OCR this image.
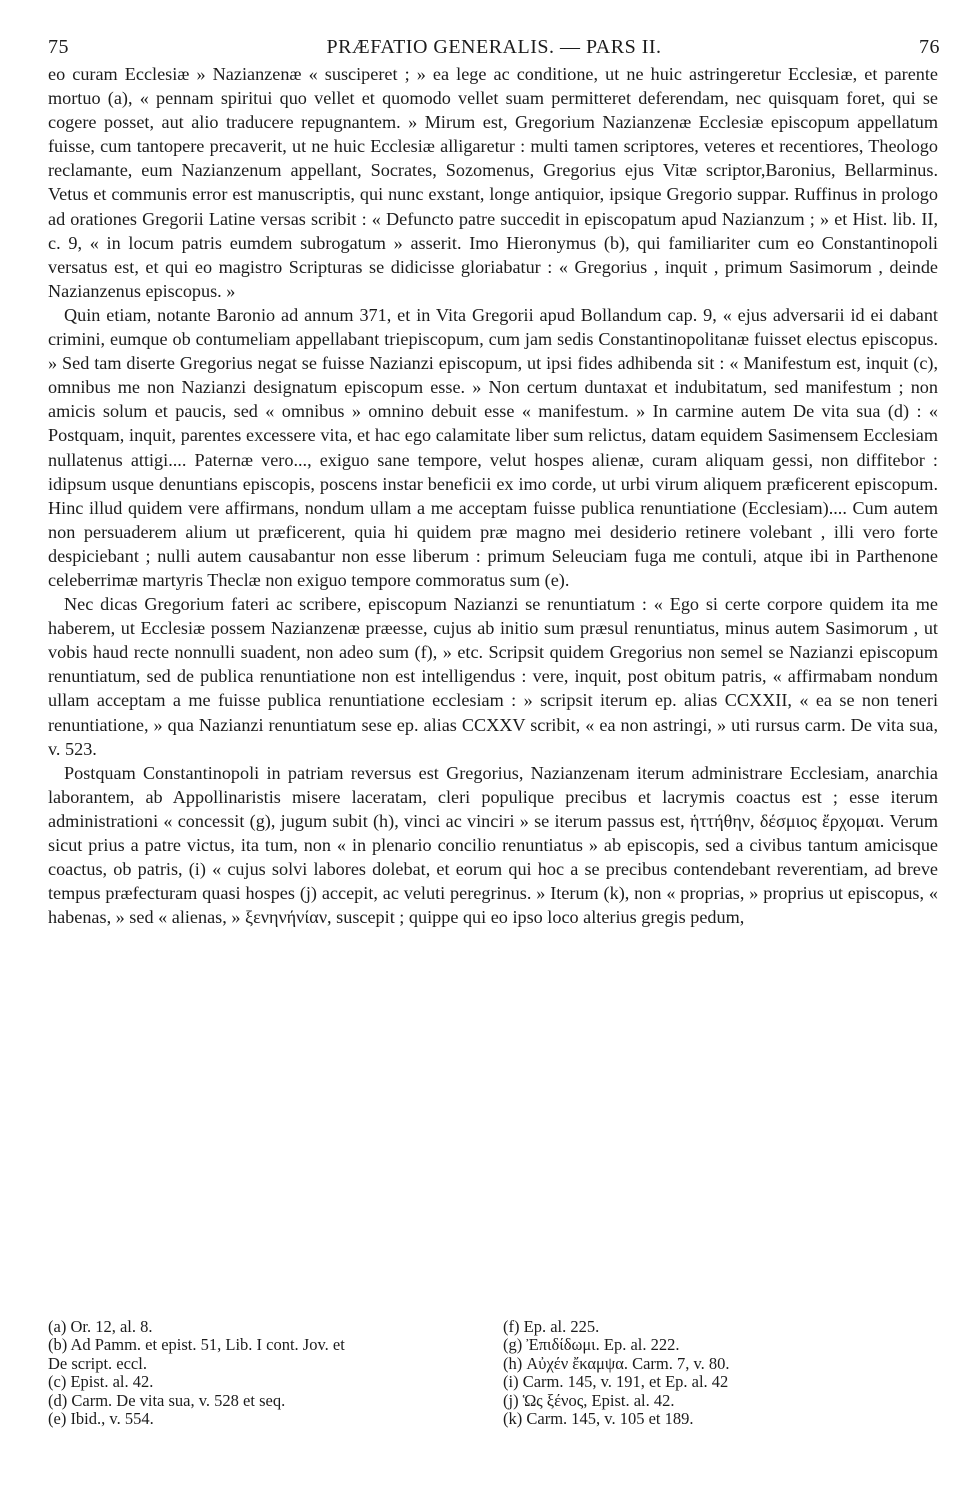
75	PRÆFATIO GENERALIS. — PARS II.	76

eo curam Ecclesiæ » Nazianzenæ « susciperet ; » ea lege ac conditione, ut ne huic astringeretur Ecclesiæ, et parente mortuo (a), « pennam spiritui quo vellet et quomodo vellet suam permitteret deferendam, nec quisquam foret, qui se cogere posset, aut alio traducere repugnantem. » Mirum est, Gregorium Nazianzenæ Ecclesiæ episcopum appellatum fuisse, cum tantopere precaverit, ut ne huic Ecclesiæ alligaretur : multi tamen scriptores, veteres et recentiores, Theologo reclamante, eum Nazianzenum appellant, Socrates, Sozomenus, Gregorius ejus Vitæ scriptor,Baronius, Bellarminus. Vetus et communis error est manuscriptis, qui nunc exstant, longe antiquior, ipsique Gregorio suppar. Ruffinus in prologo ad orationes Gregorii Latine versas scribit : « Defuncto patre succedit in episcopatum apud Nazianzum ; » et Hist. lib. II, c. 9, « in locum patris eumdem subrogatum » asserit. Imo Hieronymus (b), qui familiariter cum eo Constantinopoli versatus est, et qui eo magistro Scripturas se didicisse gloriabatur : « Gregorius , inquit , primum Sasimorum , deinde Nazianzenus episcopus. »

Quin etiam, notante Baronio ad annum 371, et in Vita Gregorii apud Bollandum cap. 9, « ejus adversarii id ei dabant crimini, eumque ob contumeliam appellabant triepiscopum, cum jam sedis Constantinopolitanæ fuisset electus episcopus. » Sed tam diserte Gregorius negat se fuisse Nazianzi episcopum, ut ipsi fides adhibenda sit : « Manifestum est, inquit (c), omnibus me non Nazianzi designatum episcopum esse. » Non certum duntaxat et indubitatum, sed manifestum ; non amicis solum et paucis, sed « omnibus » omnino debuit esse « manifestum. » In carmine autem De vita sua (d) : « Postquam, inquit, parentes excessere vita, et hac ego calamitate liber sum relictus, datam equidem Sasimensem Ecclesiam nullatenus attigi.... Paternæ vero..., exiguo sane tempore, velut hospes alienæ, curam aliquam gessi, non diffitebor : idipsum usque denuntians episcopis, poscens instar beneficii ex imo corde, ut urbi virum aliquem præficerent episcopum. Hinc illud quidem vere affirmans, nondum ullam a me acceptam fuisse publica renuntiatione (Ecclesiam).... Cum autem non persuaderem alium ut præficerent, quia hi quidem præ magno mei desiderio retinere volebant , illi vero forte despiciebant ; nulli autem causabantur non esse liberum : primum Seleuciam fuga me contuli, atque ibi in Parthenone celeberrimæ martyris Theclæ non exiguo tempore commoratus sum (e).

Nec dicas Gregorium fateri ac scribere, episcopum Nazianzi se renuntiatum : « Ego si certe corpore quidem ita me haberem, ut Ecclesiæ possem Nazianzenæ præesse, cujus ab initio sum præsul renuntiatus, minus autem Sasimorum , ut vobis haud recte nonnulli suadent, non adeo sum (f), » etc. Scripsit quidem Gregorius non semel se Nazianzi episcopum renuntiatum, sed de publica renuntiatione non est intelligendus : vere, inquit, post obitum patris, « affirmabam nondum ullam acceptam a me fuisse publica renuntiatione ecclesiam : » scripsit iterum ep. alias CCXXII, « ea se non teneri renuntiatione, » qua Nazianzi renuntiatum sese ep. alias CCXXV scribit, « ea non astringi, » uti rursus carm. De vita sua, v. 523.

Postquam Constantinopoli in patriam reversus est Gregorius, Nazianzenam iterum administrare Ecclesiam, anarchia laborantem, ab Appollinaristis misere laceratam, cleri populique precibus et lacrymis coactus est ; esse iterum administrationi « concessit (g), jugum subit (h), vinci ac vinciri » se iterum passus est, ἡττήθην, δέσμιος ἔρχομαι. Verum sicut prius a patre victus, ita tum, non « in plenario concilio renuntiatus » ab episcopis, sed a civibus tantum amicisque coactus, ob patris, (i) « cujus solvi labores dolebat, et eorum qui hoc a se precibus contendebant reverentiam, ad breve tempus præfecturam quasi hospes (j) accepit, ac veluti peregrinus. » Iterum (k), non « proprias, » proprius ut episcopus, « habenas, » sed « alienas, » ξενηνήνίαν, suscepit ; quippe qui eo ipso loco alterius gregis pedum,

(a) Or. 12, al. 8.
(b) Ad Pamm. et epist. 51, Lib. I cont. Jov. et
De script. eccl.
(c) Epist. al. 42.
(d) Carm. De vita sua, v. 528 et seq.
(e) Ibid., v. 554.
(f) Ep. al. 225.
(g) Ἐπιδίδωμι. Ep. al. 222.
(h) Αὐχέν ἔκαμψα. Carm. 7, v. 80.
(i) Carm. 145, v. 191, et Ep. al. 42
(j) Ὡς ξένος, Epist. al. 42.
(k) Carm. 145, v. 105 et 189.
